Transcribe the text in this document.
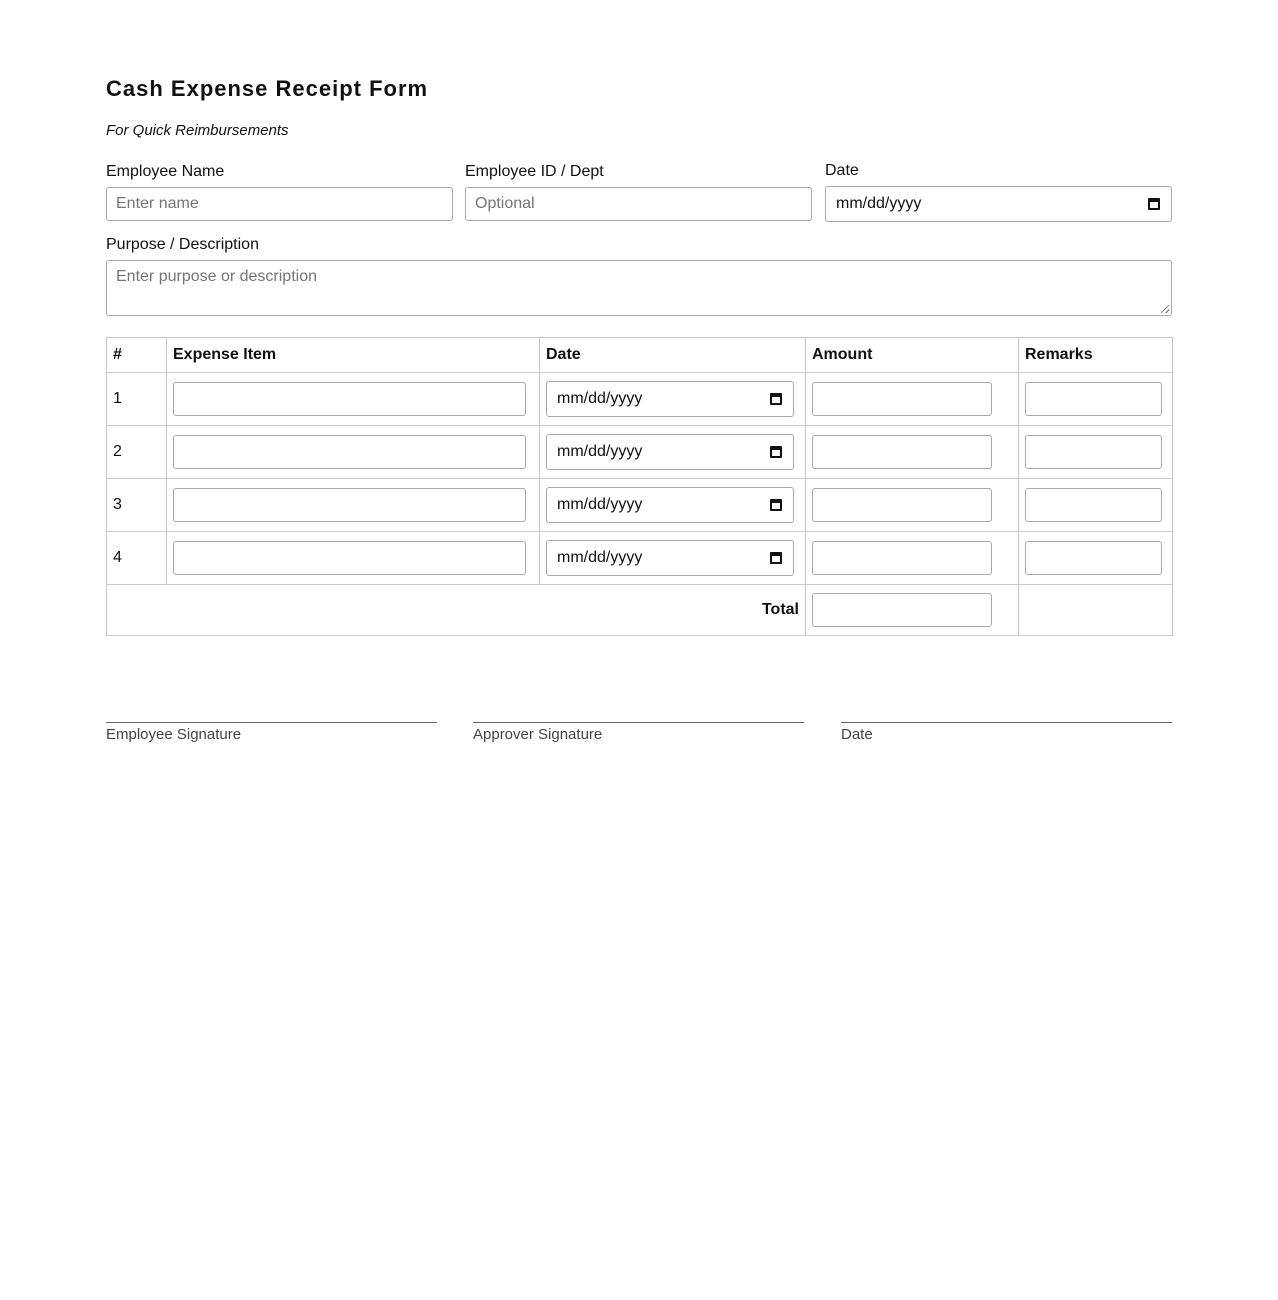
Cash Expense Receipt Form
For Quick Reimbursements
Employee Name
Enter name
Employee ID / Dept
Optional
Date
mm/dd/yyyy
Purpose / Description
Enter purpose or description
#	Expense Item	Date	Amount	Remarks
1		mm/dd/yyyy		

2		mm/dd/yyyy		

3		mm/dd/yyyy		

4		mm/dd/yyyy		

Total			

Employee Signature	Approver Signature	Date
